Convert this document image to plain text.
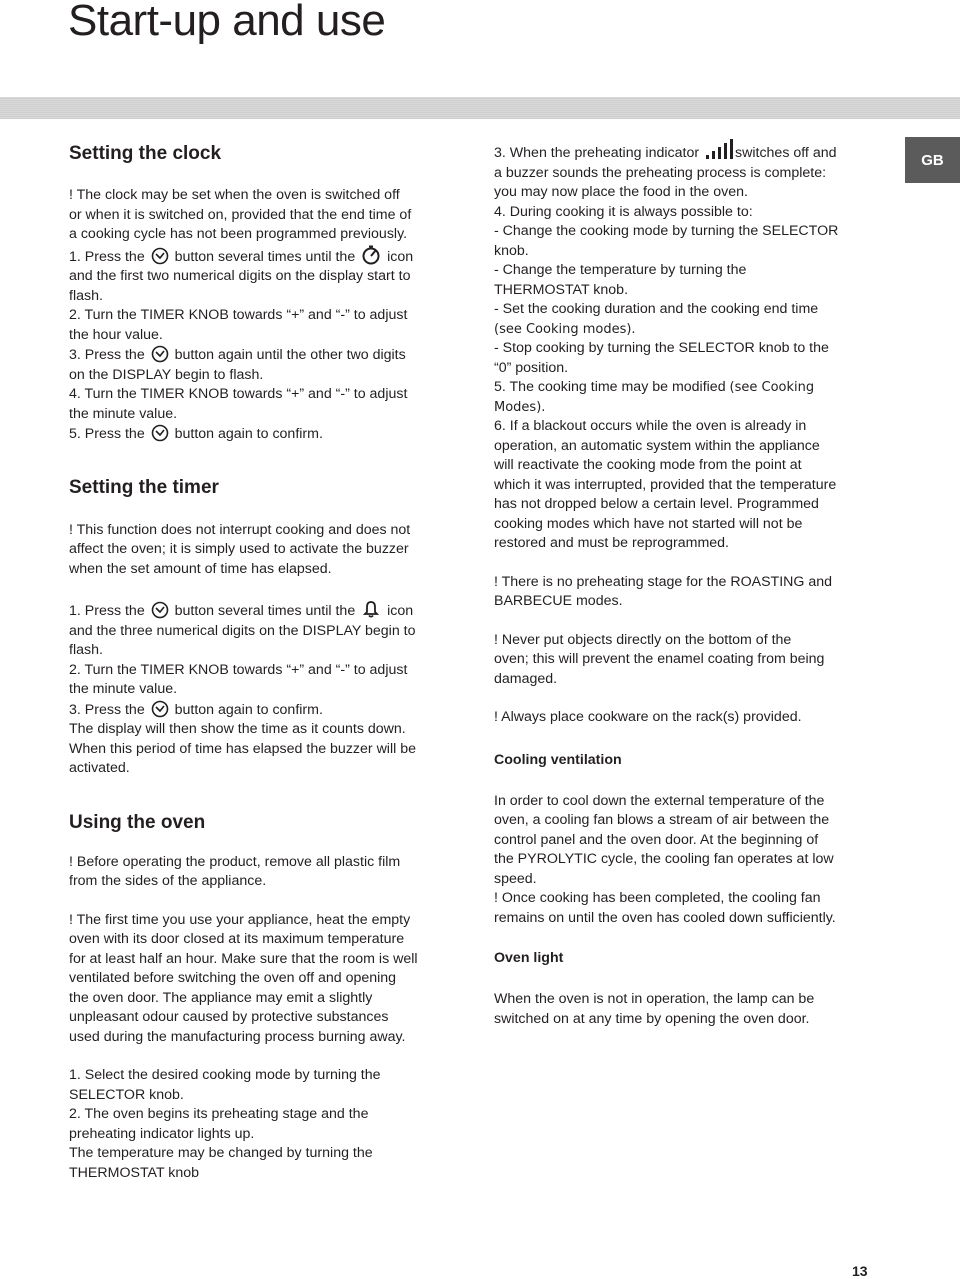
Start-up and use
GB
Setting the clock
! The clock may be set when the oven is switched off
or when it is switched on, provided that the end time of
a cooking cycle has not been programmed previously.
1. Press the button several times until the icon
and the first two numerical digits on the display start to
flash.
2. Turn the TIMER KNOB towards “+” and “-” to adjust
the hour value.
3. Press the button again until the other two digits
on the DISPLAY begin to flash.
4. Turn the TIMER KNOB towards “+” and “-” to adjust
the minute value.
5. Press the button again to confirm.
Setting the timer
! This function does not interrupt cooking and does not
affect the oven; it is simply used to activate the buzzer
when the set amount of time has elapsed.
1. Press the button several times until the icon
and the three numerical digits on the DISPLAY begin to
flash.
2. Turn the TIMER KNOB towards “+” and “-” to adjust
the minute value.
3. Press the button again to confirm.
The display will then show the time as it counts down.
When this period of time has elapsed the buzzer will be
activated.
Using the oven
! Before operating the product, remove all plastic film
from the sides of the appliance.
! The first time you use your appliance, heat the empty
oven with its door closed at its maximum temperature
for at least half an hour. Make sure that the room is well
ventilated before switching the oven off and opening
the oven door. The appliance may emit a slightly
unpleasant odour caused by protective substances
used during the manufacturing process burning away.
1. Select the desired cooking mode by turning the
SELECTOR knob.
2. The oven begins its preheating stage and the
preheating indicator lights up.
The temperature may be changed by turning the
THERMOSTAT knob
3. When the preheating indicator	switches off and
a buzzer sounds the preheating process is complete:
you may now place the food in the oven.
4. During cooking it is always possible to:
- Change the cooking mode by turning the SELECTOR
knob.
- Change the temperature by turning the
THERMOSTAT knob.
- Set the cooking duration and the cooking end time
(see Cooking modes).
- Stop cooking by turning the SELECTOR knob to the
“0” position.
5. The cooking time may be modified (see Cooking
Modes).
6. If a blackout occurs while the oven is already in
operation, an automatic system within the appliance
will reactivate the cooking mode from the point at
which it was interrupted, provided that the temperature
has not dropped below a certain level. Programmed
cooking modes which have not started will not be
restored and must be reprogrammed.
! There is no preheating stage for the ROASTING and
BARBECUE modes.
! Never put objects directly on the bottom of the
oven; this will prevent the enamel coating from being
damaged.
! Always place cookware on the rack(s) provided.
Cooling ventilation
In order to cool down the external temperature of the
oven, a cooling fan blows a stream of air between the
control panel and the oven door. At the beginning of
the PYROLYTIC cycle, the cooling fan operates at low
speed.
! Once cooking has been completed, the cooling fan
remains on until the oven has cooled down sufficiently.
Oven light
When the oven is not in operation, the lamp can be
switched on at any time by opening the oven door.
13
